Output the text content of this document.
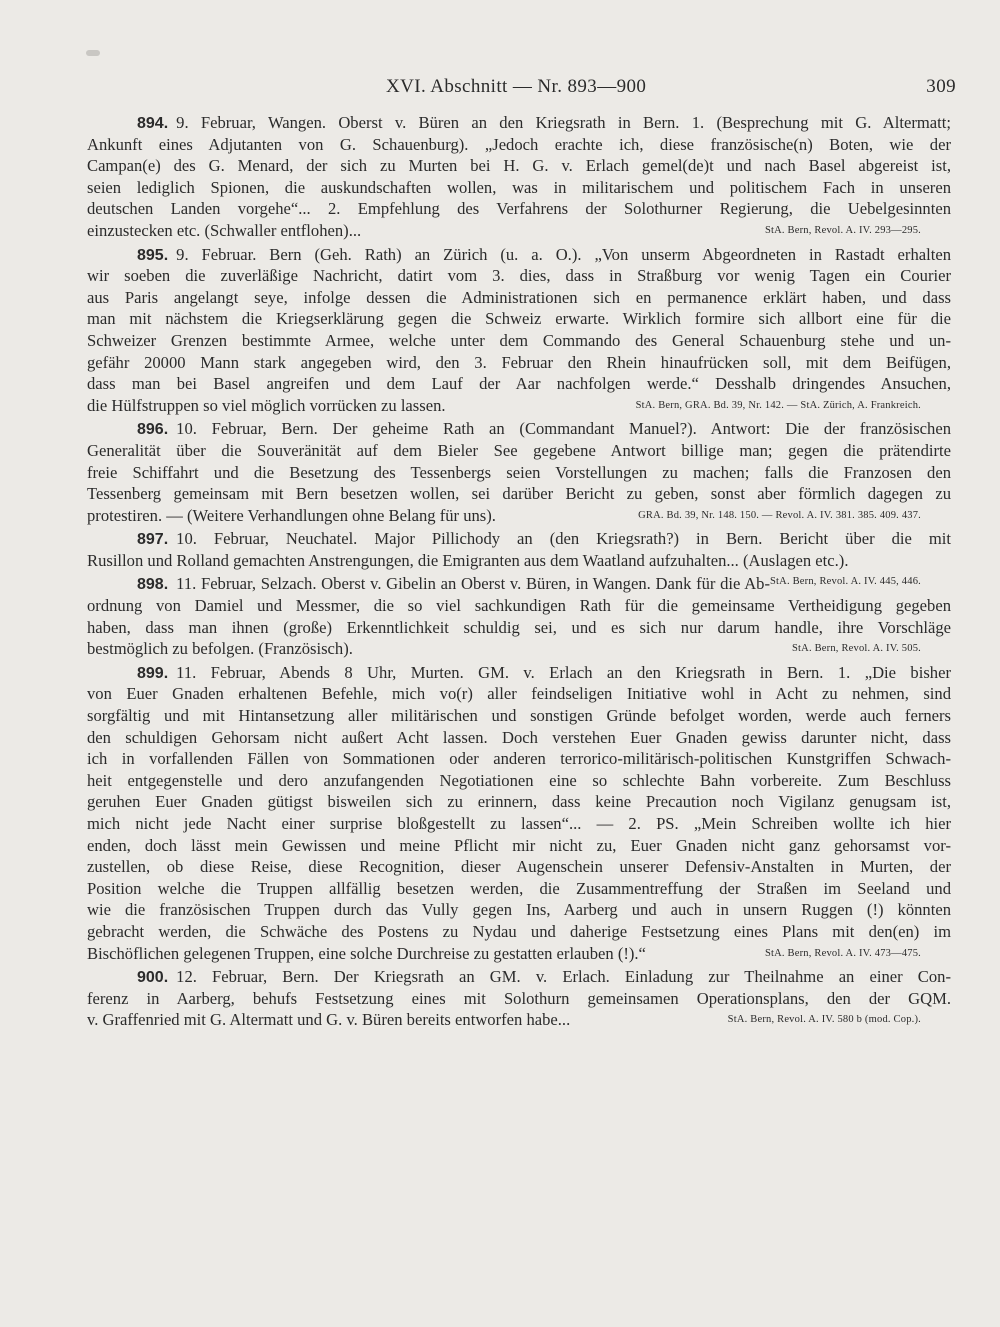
XVI. Abschnitt — Nr. 893—900	309
894. 9. Februar, Wangen. Oberst v. Büren an den Kriegsrath in Bern. 1. (Besprechung mit G. Altermatt;
Ankunft eines Adjutanten von G. Schauenburg). „Jedoch erachte ich, diese französische(n) Boten, wie der
Campan(e) des G. Menard, der sich zu Murten bei H. G. v. Erlach gemel(de)t und nach Basel abgereist ist,
seien lediglich Spionen, die auskundschaften wollen, was in militarischem und politischem Fach in unseren
deutschen Landen vorgehe“... 2. Empfehlung des Verfahrens der Solothurner Regierung, die Uebelgesinnten
einzustecken etc. (Schwaller entflohen)...	StA. Bern, Revol. A. IV. 293—295.
895. 9. Februar. Bern (Geh. Rath) an Zürich (u. a. O.). „Von unserm Abgeordneten in Rastadt erhalten
wir soeben die zuverläßige Nachricht, datirt vom 3. dies, dass in Straßburg vor wenig Tagen ein Courier
aus Paris angelangt seye, infolge dessen die Administrationen sich en permanence erklärt haben, und dass
man mit nächstem die Kriegserklärung gegen die Schweiz erwarte. Wirklich formire sich allbort eine für die
Schweizer Grenzen bestimmte Armee, welche unter dem Commando des General Schauenburg stehe und un-
gefähr 20000 Mann stark angegeben wird, den 3. Februar den Rhein hinaufrücken soll, mit dem Beifügen,
dass man bei Basel angreifen und dem Lauf der Aar nachfolgen werde.“ Desshalb dringendes Ansuchen,
die Hülfstruppen so viel möglich vorrücken zu lassen.	StA. Bern, GRA. Bd. 39, Nr. 142. — StA. Zürich, A. Frankreich.
896. 10. Februar, Bern. Der geheime Rath an (Commandant Manuel?). Antwort: Die der französischen
Generalität über die Souveränität auf dem Bieler See gegebene Antwort billige man; gegen die prätendirte
freie Schiffahrt und die Besetzung des Tessenbergs seien Vorstellungen zu machen; falls die Franzosen den
Tessenberg gemeinsam mit Bern besetzen wollen, sei darüber Bericht zu geben, sonst aber förmlich dagegen zu
protestiren. — (Weitere Verhandlungen ohne Belang für uns).	GRA. Bd. 39, Nr. 148. 150. — Revol. A. IV. 381. 385. 409. 437.
897. 10. Februar, Neuchatel. Major Pillichody an (den Kriegsrath?) in Bern. Bericht über die mit
Rusillon und Rolland gemachten Anstrengungen, die Emigranten aus dem Waatland aufzuhalten... (Auslagen etc.).
StA. Bern, Revol. A. IV. 445, 446.
898. 11. Februar, Selzach. Oberst v. Gibelin an Oberst v. Büren, in Wangen. Dank für die Ab-
ordnung von Damiel und Messmer, die so viel sachkundigen Rath für die gemeinsame Vertheidigung gegeben
haben, dass man ihnen (große) Erkenntlichkeit schuldig sei, und es sich nur darum handle, ihre Vorschläge
bestmöglich zu befolgen. (Französisch).	StA. Bern, Revol. A. IV. 505.
899. 11. Februar, Abends 8 Uhr, Murten. GM. v. Erlach an den Kriegsrath in Bern. 1. „Die bisher
von Euer Gnaden erhaltenen Befehle, mich vo(r) aller feindseligen Initiative wohl in Acht zu nehmen, sind
sorgfältig und mit Hintansetzung aller militärischen und sonstigen Gründe befolget worden, werde auch ferners
den schuldigen Gehorsam nicht außert Acht lassen. Doch verstehen Euer Gnaden gewiss darunter nicht, dass
ich in vorfallenden Fällen von Sommationen oder anderen terrorico-militärisch-politischen Kunstgriffen Schwach-
heit entgegenstelle und dero anzufangenden Negotiationen eine so schlechte Bahn vorbereite. Zum Beschluss
geruhen Euer Gnaden gütigst bisweilen sich zu erinnern, dass keine Precaution noch Vigilanz genugsam ist,
mich nicht jede Nacht einer surprise bloßgestellt zu lassen“... — 2. PS. „Mein Schreiben wollte ich hier
enden, doch lässt mein Gewissen und meine Pflicht mir nicht zu, Euer Gnaden nicht ganz gehorsamst vor-
zustellen, ob diese Reise, diese Recognition, dieser Augenschein unserer Defensiv-Anstalten in Murten, der
Position welche die Truppen allfällig besetzen werden, die Zusammentreffung der Straßen im Seeland und
wie die französischen Truppen durch das Vully gegen Ins, Aarberg und auch in unsern Ruggen (!) könnten
gebracht werden, die Schwäche des Postens zu Nydau und daherige Festsetzung eines Plans mit den(en) im
Bischöflichen gelegenen Truppen, eine solche Durchreise zu gestatten erlauben (!).“	StA. Bern, Revol. A. IV. 473—475.
900. 12. Februar, Bern. Der Kriegsrath an GM. v. Erlach. Einladung zur Theilnahme an einer Con-
ferenz in Aarberg, behufs Festsetzung eines mit Solothurn gemeinsamen Operationsplans, den der GQM.
v. Graffenried mit G. Altermatt und G. v. Büren bereits entworfen habe...	StA. Bern, Revol. A. IV. 580 b (mod. Cop.).
